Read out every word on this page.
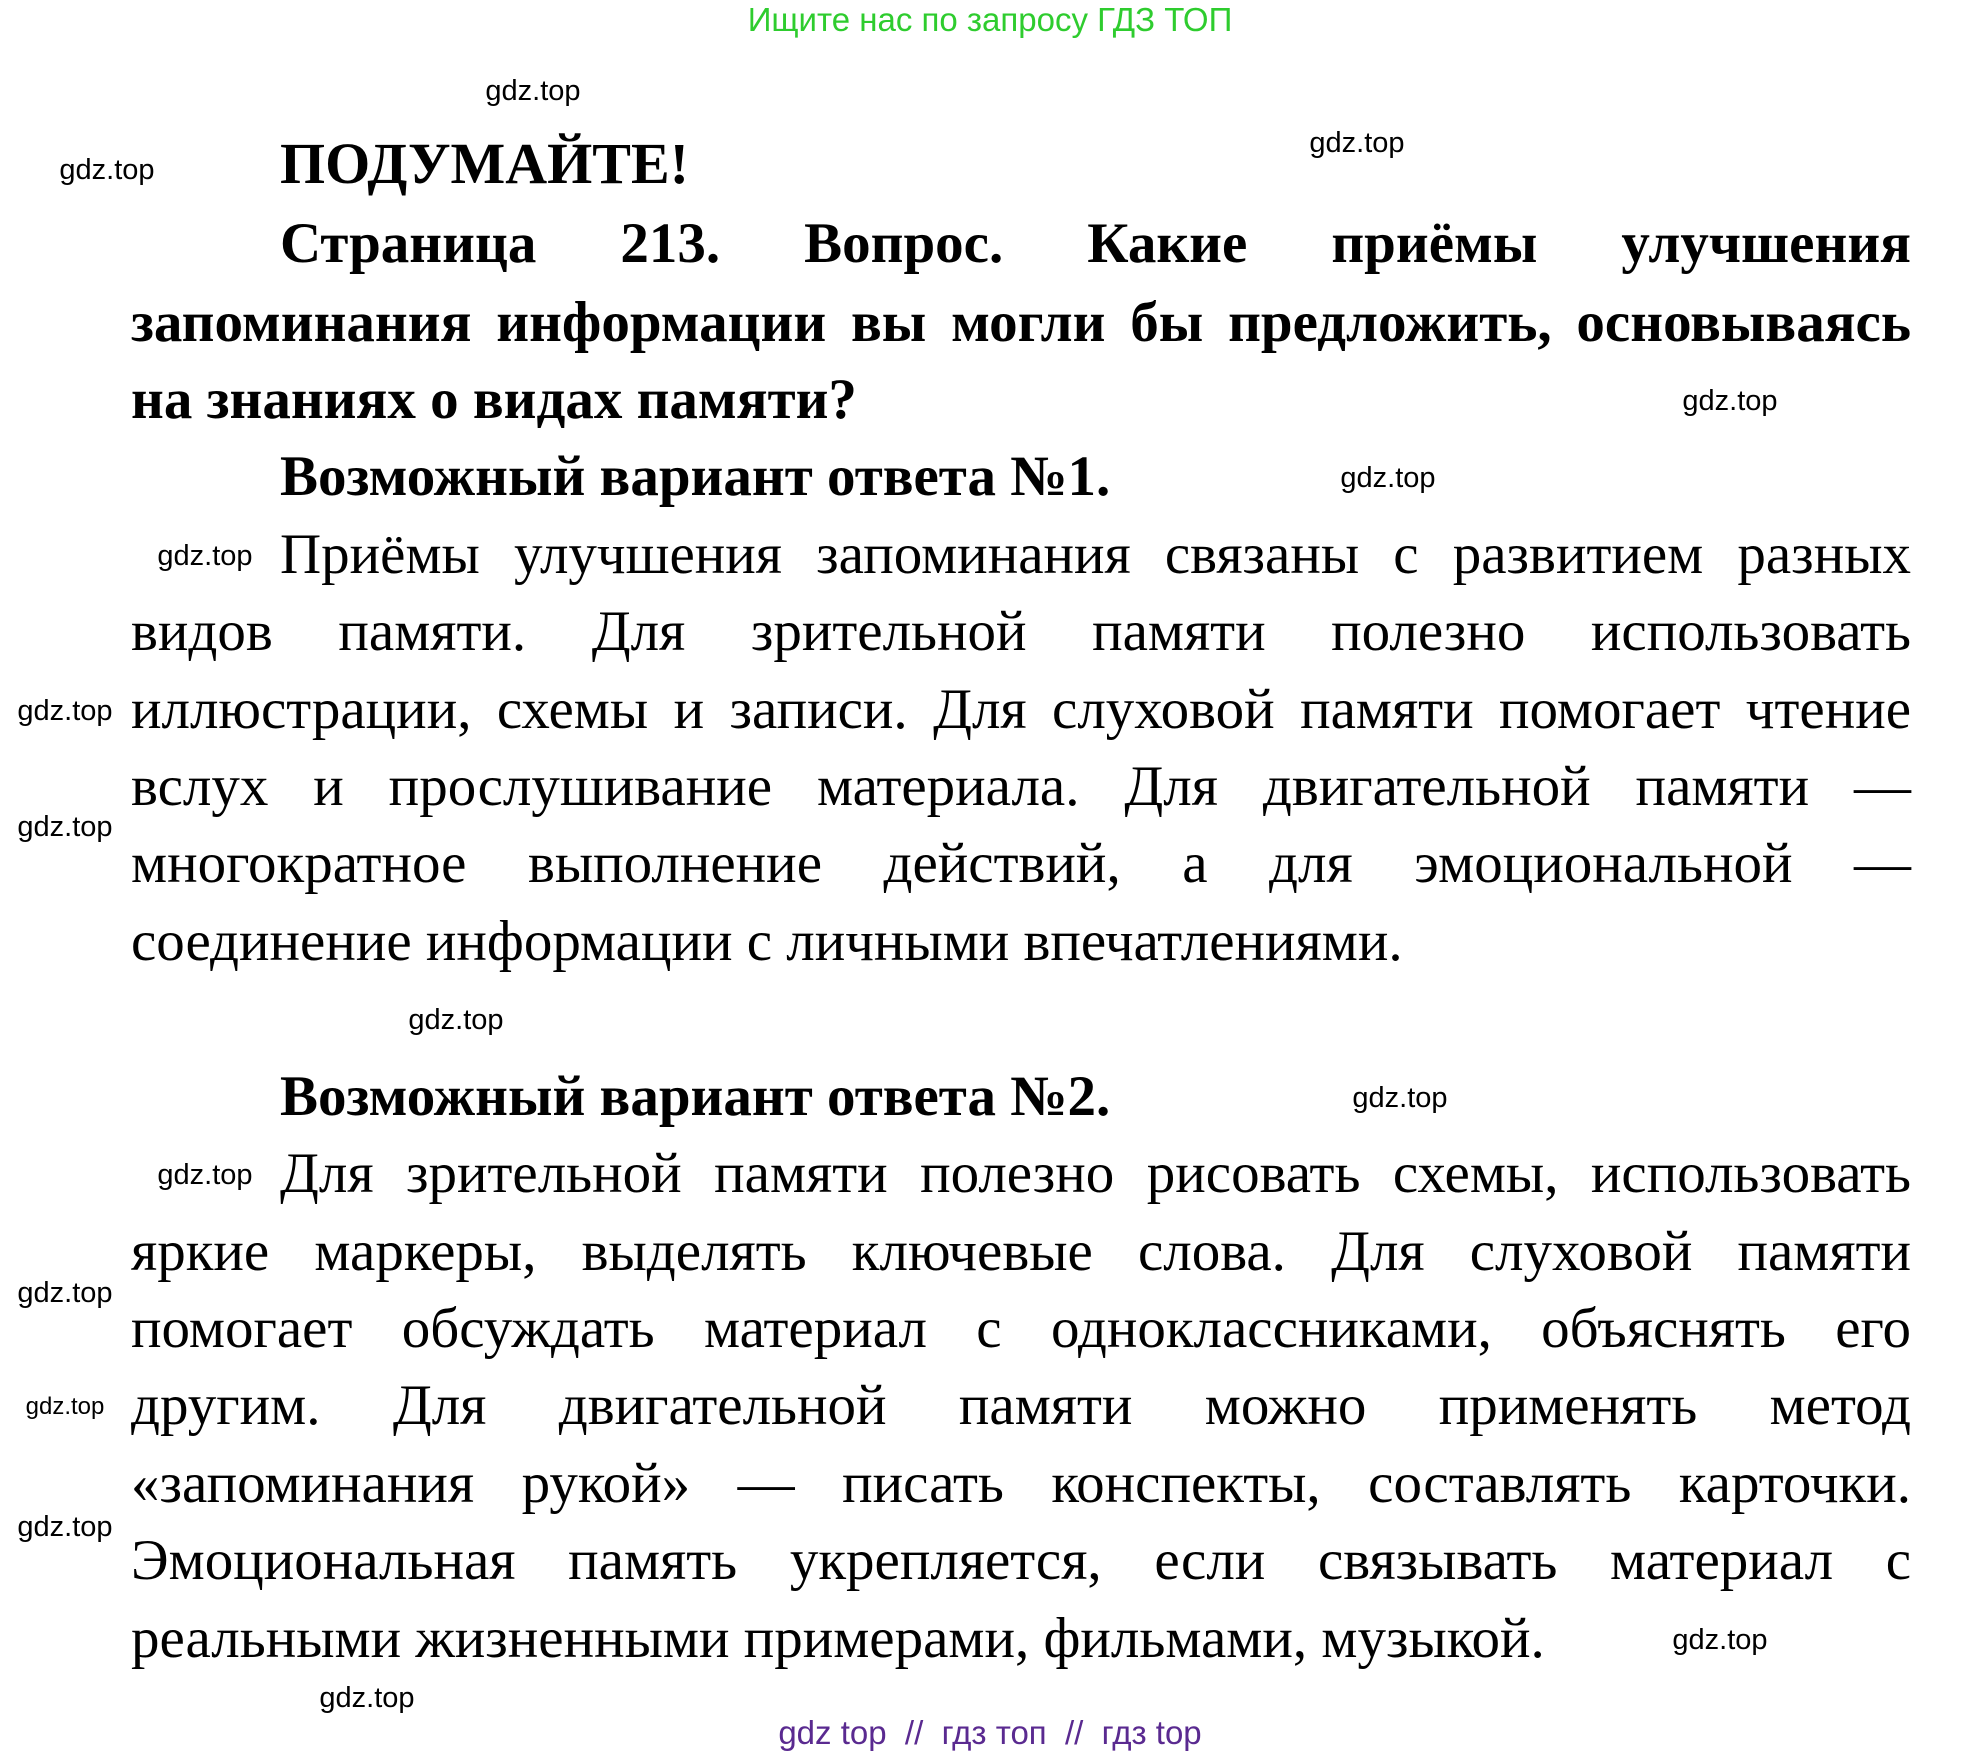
Ищите нас по запросу ГДЗ ТОП
ПОДУМАЙТЕ!
Страница 213. Вопрос. Какие приёмы улучшения
запоминания информации вы могли бы предложить, основываясь
на знаниях о видах памяти?
Возможный вариант ответа №1.
Приёмы улучшения запоминания связаны с развитием разных
видов памяти. Для зрительной памяти полезно использовать
иллюстрации, схемы и записи. Для слуховой памяти помогает чтение
вслух и прослушивание материала. Для двигательной памяти —
многократное выполнение действий, а для эмоциональной —
соединение информации с личными впечатлениями.
Возможный вариант ответа №2.
Для зрительной памяти полезно рисовать схемы, использовать
яркие маркеры, выделять ключевые слова. Для слуховой памяти
помогает обсуждать материал с одноклассниками, объяснять его
другим. Для двигательной памяти можно применять метод
«запоминания рукой» — писать конспекты, составлять карточки.
Эмоциональная память укрепляется, если связывать материал с
реальными жизненными примерами, фильмами, музыкой.
gdz.top
gdz.top
gdz.top
gdz.top
gdz.top
gdz.top
gdz.top
gdz.top
gdz.top
gdz.top
gdz.top
gdz.top
gdz.top
gdz.top
gdz.top
gdz.top
gdz top  //  гдз топ  //  гдз top
